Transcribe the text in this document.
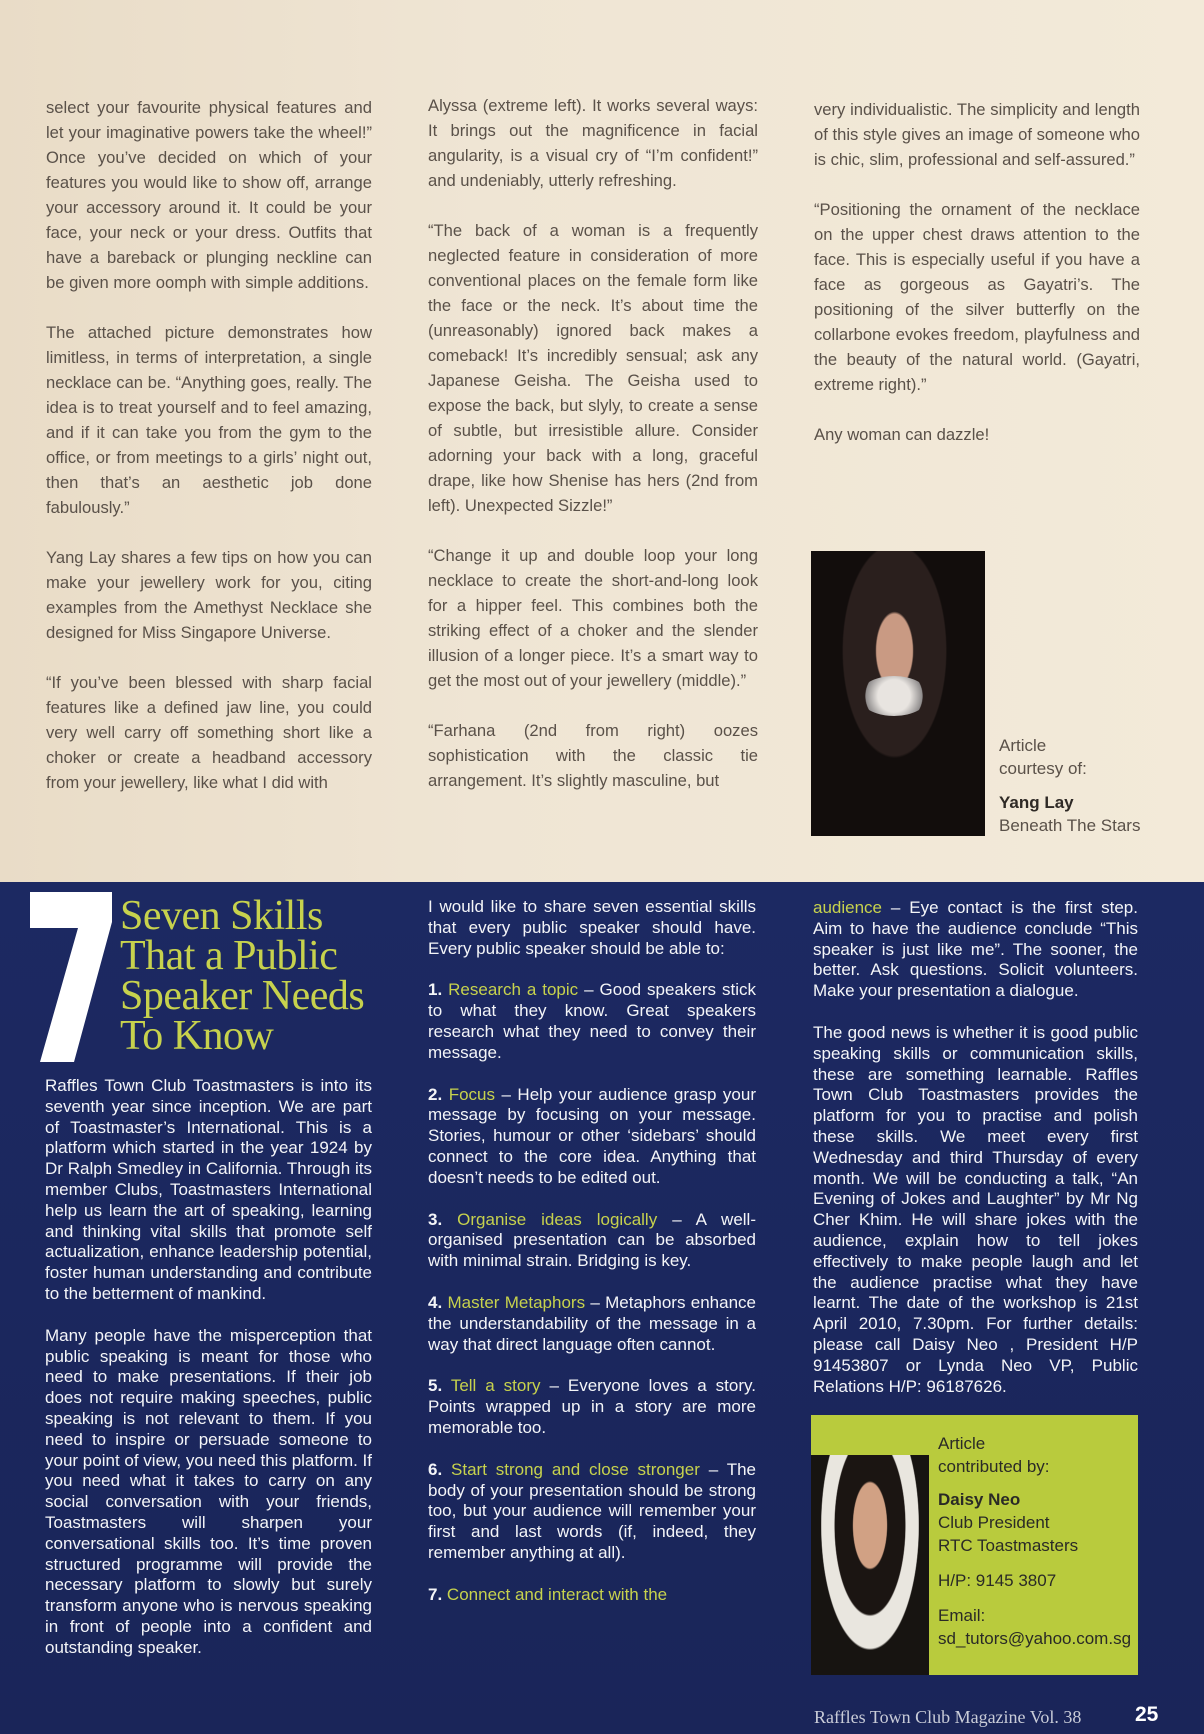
select your favourite physical features and let your imaginative powers take the wheel!” Once you’ve decided on which of your features you would like to show off, arrange your accessory around it. It could be your face, your neck or your dress. Outfits that have a bareback or plunging neckline can be given more oomph with simple additions.

The attached picture demonstrates how limitless, in terms of interpretation, a single necklace can be. “Anything goes, really. The idea is to treat yourself and to feel amazing, and if it can take you from the gym to the office, or from meetings to a girls’ night out, then that’s an aesthetic job done fabulously.”

Yang Lay shares a few tips on how you can make your jewellery work for you, citing examples from the Amethyst Necklace she designed for Miss Singapore Universe.

“If you’ve been blessed with sharp facial features like a defined jaw line, you could very well carry off something short like a choker or create a headband accessory from your jewellery, like what I did with

Alyssa (extreme left). It works several ways: It brings out the magnificence in facial angularity, is a visual cry of “I’m confident!” and undeniably, utterly refreshing.

“The back of a woman is a frequently neglected feature in consideration of more conventional places on the female form like the face or the neck. It’s about time the (unreasonably) ignored back makes a comeback! It’s incredibly sensual; ask any Japanese Geisha. The Geisha used to expose the back, but slyly, to create a sense of subtle, but irresistible allure. Consider adorning your back with a long, graceful drape, like how Shenise has hers (2nd from left). Unexpected Sizzle!”

“Change it up and double loop your long necklace to create the short-and-long look for a hipper feel. This combines both the striking effect of a choker and the slender illusion of a longer piece. It’s a smart way to get the most out of your jewellery (middle).”

“Farhana (2nd from right) oozes sophistication with the classic tie arrangement. It’s slightly masculine, but

very individualistic. The simplicity and length of this style gives an image of someone who is chic, slim, professional and self-assured.”

“Positioning the ornament of the necklace on the upper chest draws attention to the face. This is especially useful if you have a face as gorgeous as Gayatri’s. The positioning of the silver butterfly on the collarbone evokes freedom, playfulness and the beauty of the natural world. (Gayatri, extreme right).”

Any woman can dazzle!

Article
courtesy of:
Yang Lay
Beneath The Stars
Seven Skills
That a Public
Speaker Needs
To Know

Raffles Town Club Toastmasters is into its seventh year since inception. We are part of Toastmaster’s International. This is a platform which started in the year 1924 by Dr Ralph Smedley in California. Through its member Clubs, Toastmasters International help us learn the art of speaking, learning and thinking vital skills that promote self actualization, enhance leadership potential, foster human understanding and contribute to the betterment of mankind.

Many people have the misperception that public speaking is meant for those who need to make presentations. If their job does not require making speeches, public speaking is not relevant to them. If you need to inspire or persuade someone to your point of view, you need this platform. If you need what it takes to carry on any social conversation with your friends, Toastmasters will sharpen your conversational skills too. It’s time proven structured programme will provide the necessary platform to slowly but surely transform anyone who is nervous speaking in front of people into a confident and outstanding speaker.

I would like to share seven essential skills that every public speaker should have. Every public speaker should be able to:

1. Research a topic – Good speakers stick to what they know. Great speakers research what they need to convey their message.

2. Focus – Help your audience grasp your message by focusing on your message. Stories, humour or other ‘sidebars’ should connect to the core idea. Anything that doesn’t needs to be edited out.

3. Organise ideas logically – A well-organised presentation can be absorbed with minimal strain. Bridging is key.

4. Master Metaphors – Metaphors enhance the understandability of the message in a way that direct language often cannot.

5. Tell a story – Everyone loves a story. Points wrapped up in a story are more memorable too.

6. Start strong and close stronger – The body of your presentation should be strong too, but your audience will remember your first and last words (if, indeed, they remember anything at all).

7. Connect and interact with the

audience – Eye contact is the first step. Aim to have the audience conclude “This speaker is just like me”. The sooner, the better. Ask questions. Solicit volunteers. Make your presentation a dialogue.

The good news is whether it is good public speaking skills or communication skills, these are something learnable. Raffles Town Club Toastmasters provides the platform for you to practise and polish these skills. We meet every first Wednesday and third Thursday of every month. We will be conducting a talk, “An Evening of Jokes and Laughter” by Mr Ng Cher Khim. He will share jokes with the audience, explain how to tell jokes effectively to make people laugh and let the audience practise what they have learnt. The date of the workshop is 21st April 2010, 7.30pm. For further details: please call Daisy Neo , President H/P 91453807 or Lynda Neo VP, Public Relations H/P: 96187626.

Article
contributed by:
Daisy Neo
Club President
RTC Toastmasters
H/P: 9145 3807
Email:
sd_tutors@yahoo.com.sg
Raffles Town Club Magazine Vol. 38	25
